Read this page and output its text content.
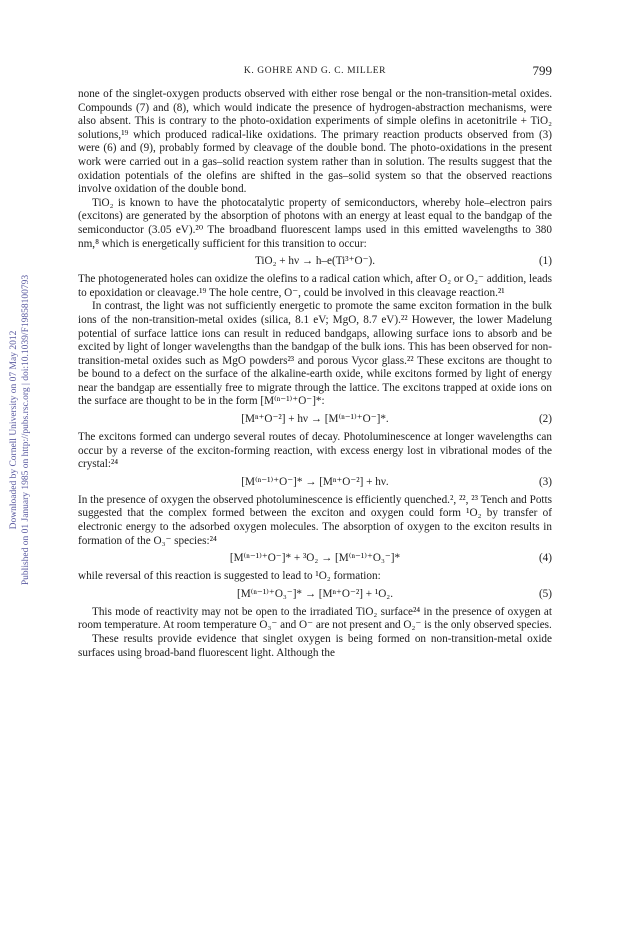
Downloaded by Cornell University on 07 May 2012 Published on 01 January 1985 on http://pubs.rsc.org | doi:10.1039/F19858100793
K. GOHRE AND G. C. MILLER	799

none of the singlet-oxygen products observed with either rose bengal or the non-transition-metal oxides. Compounds (7) and (8), which would indicate the presence of hydrogen-abstraction mechanisms, were also absent. This is contrary to the photo-oxidation experiments of simple olefins in acetonitrile + TiO₂ solutions,¹⁹ which produced radical-like oxidations. The primary reaction products observed from (3) were (6) and (9), probably formed by cleavage of the double bond. The photo-oxidations in the present work were carried out in a gas–solid reaction system rather than in solution. The results suggest that the oxidation potentials of the olefins are shifted in the gas–solid system so that the observed reactions involve oxidation of the double bond.

TiO₂ is known to have the photocatalytic property of semiconductors, whereby hole–electron pairs (excitons) are generated by the absorption of photons with an energy at least equal to the bandgap of the semiconductor (3.05 eV).²⁰ The broadband fluorescent lamps used in this emitted wavelengths to 380 nm,⁸ which is energetically sufficient for this transition to occur:

TiO₂ + hν → h–e(Ti³⁺O⁻).	(1)

The photogenerated holes can oxidize the olefins to a radical cation which, after O₂ or O₂⁻ addition, leads to epoxidation or cleavage.¹⁹ The hole centre, O⁻, could be involved in this cleavage reaction.²¹

In contrast, the light was not sufficiently energetic to promote the same exciton formation in the bulk ions of the non-transition-metal oxides (silica, 8.1 eV; MgO, 8.7 eV).²² However, the lower Madelung potential of surface lattice ions can result in reduced bandgaps, allowing surface ions to absorb and be excited by light of longer wavelengths than the bandgap of the bulk ions. This has been observed for non-transition-metal oxides such as MgO powders²³ and porous Vycor glass.²² These excitons are thought to be bound to a defect on the surface of the alkaline-earth oxide, while excitons formed by light of energy near the bandgap are essentially free to migrate through the lattice. The excitons trapped at oxide ions on the surface are thought to be in the form [M⁽ⁿ⁻¹⁾⁺O⁻]*:

[Mⁿ⁺O⁻²] + hν → [M⁽ⁿ⁻¹⁾⁺O⁻]*.	(2)

The excitons formed can undergo several routes of decay. Photoluminescence at longer wavelengths can occur by a reverse of the exciton-forming reaction, with excess energy lost in vibrational modes of the crystal:²⁴

[M⁽ⁿ⁻¹⁾⁺O⁻]* → [Mⁿ⁺O⁻²] + hν.	(3)

In the presence of oxygen the observed photoluminescence is efficiently quenched.², ²², ²³ Tench and Potts suggested that the complex formed between the exciton and oxygen could form ¹O₂ by transfer of electronic energy to the adsorbed oxygen molecules. The absorption of oxygen to the exciton results in formation of the O₃⁻ species:²⁴

[M⁽ⁿ⁻¹⁾⁺O⁻]* + ³O₂ → [M⁽ⁿ⁻¹⁾⁺O₃⁻]*	(4)

while reversal of this reaction is suggested to lead to ¹O₂ formation:

[M⁽ⁿ⁻¹⁾⁺O₃⁻]* → [Mⁿ⁺O⁻²] + ¹O₂.	(5)

This mode of reactivity may not be open to the irradiated TiO₂ surface²⁴ in the presence of oxygen at room temperature. At room temperature O₃⁻ and O⁻ are not present and O₂⁻ is the only observed species.

These results provide evidence that singlet oxygen is being formed on non-transition-metal oxide surfaces using broad-band fluorescent light. Although the
